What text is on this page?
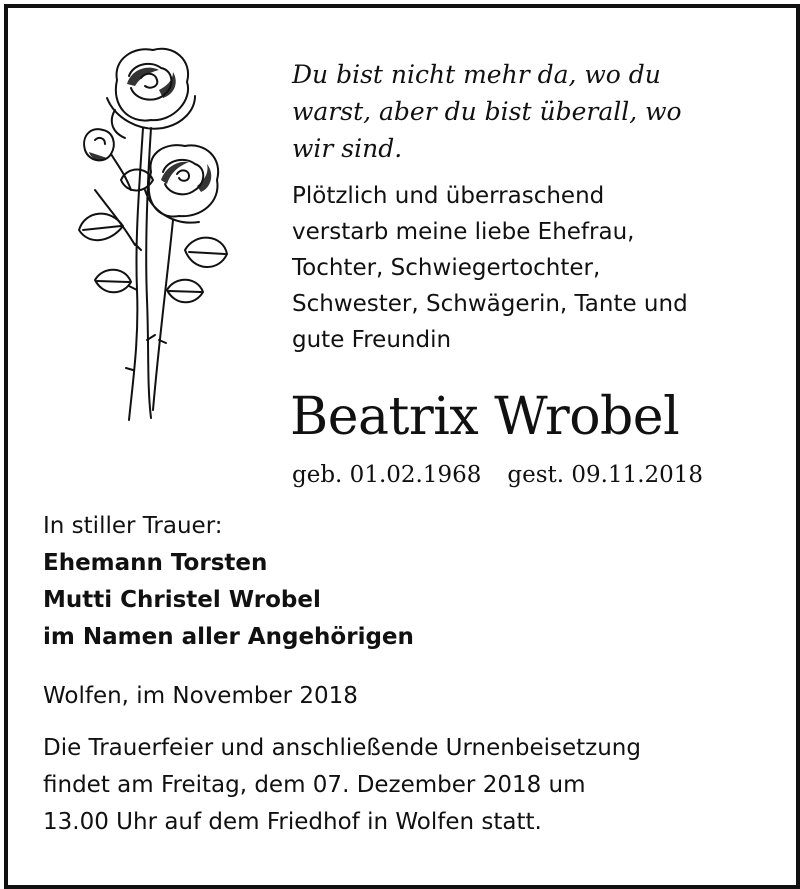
Du bist nicht mehr da, wo du
warst, aber du bist überall, wo
wir sind.
Plötzlich und überraschend
verstarb meine liebe Ehefrau,
Tochter, Schwiegertochter,
Schwester, Schwägerin, Tante und
gute Freundin
Beatrix Wrobel
geb. 01.02.1968 gest. 09.11.2018
In stiller Trauer:
Ehemann Torsten
Mutti Christel Wrobel
im Namen aller Angehörigen
Wolfen, im November 2018
Die Trauerfeier und anschließende Urnenbeisetzung
findet am Freitag, dem 07. Dezember 2018 um
13.00 Uhr auf dem Friedhof in Wolfen statt.
